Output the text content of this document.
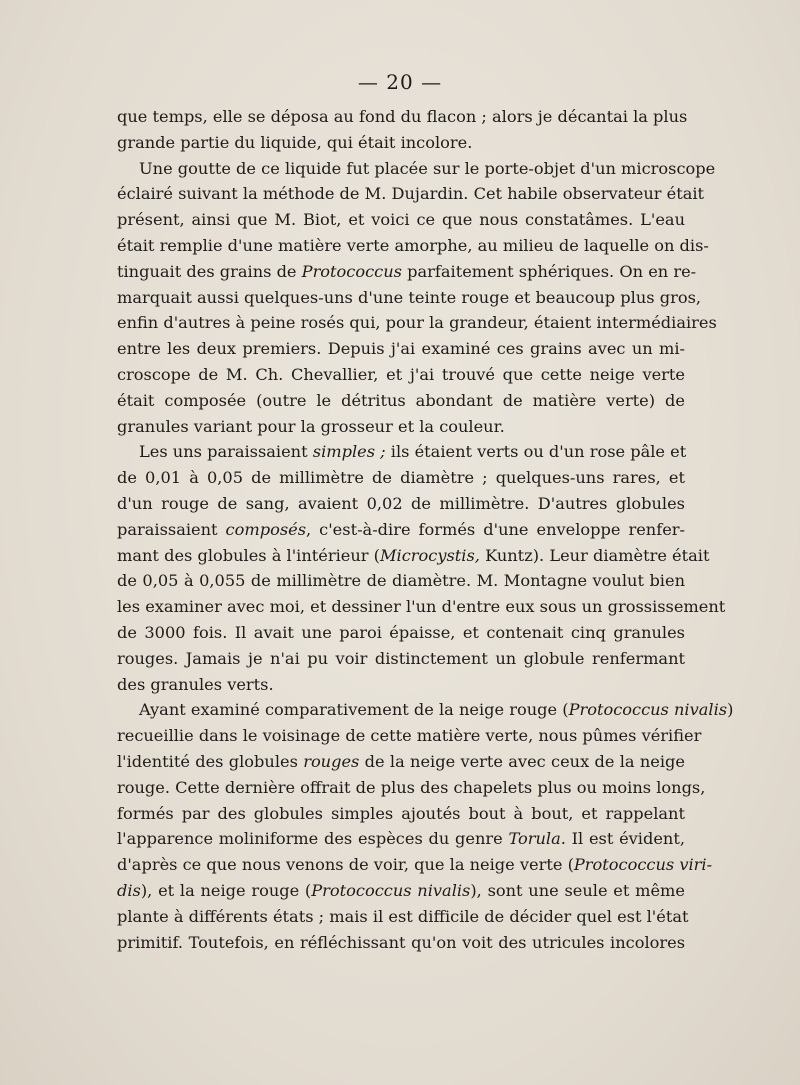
— 20 —
que temps, elle se déposa au fond du flacon ; alors je décantai la plus
grande partie du liquide, qui était incolore.
Une goutte de ce liquide fut placée sur le porte-objet d'un microscope
éclairé suivant la méthode de M. Dujardin. Cet habile observateur était
présent, ainsi que M. Biot, et voici ce que nous constatâmes. L'eau
était remplie d'une matière verte amorphe, au milieu de laquelle on dis-
tinguait des grains de Protococcus parfaitement sphériques. On en re-
marquait aussi quelques-uns d'une teinte rouge et beaucoup plus gros,
enfin d'autres à peine rosés qui, pour la grandeur, étaient intermédiaires
entre les deux premiers. Depuis j'ai examiné ces grains avec un mi-
croscope de M. Ch. Chevallier, et j'ai trouvé que cette neige verte
était composée (outre le détritus abondant de matière verte) de
granules variant pour la grosseur et la couleur.
Les uns paraissaient simples ; ils étaient verts ou d'un rose pâle et
de 0,01 à 0,05 de millimètre de diamètre ; quelques-uns rares, et
d'un rouge de sang, avaient 0,02 de millimètre. D'autres globules
paraissaient composés, c'est-à-dire formés d'une enveloppe renfer-
mant des globules à l'intérieur (Microcystis, Kuntz). Leur diamètre était
de 0,05 à 0,055 de millimètre de diamètre. M. Montagne voulut bien
les examiner avec moi, et dessiner l'un d'entre eux sous un grossissement
de 3000 fois. Il avait une paroi épaisse, et contenait cinq granules
rouges. Jamais je n'ai pu voir distinctement un globule renfermant
des granules verts.
Ayant examiné comparativement de la neige rouge (Protococcus nivalis)
recueillie dans le voisinage de cette matière verte, nous pûmes vérifier
l'identité des globules rouges de la neige verte avec ceux de la neige
rouge. Cette dernière offrait de plus des chapelets plus ou moins longs,
formés par des globules simples ajoutés bout à bout, et rappelant
l'apparence moliniforme des espèces du genre Torula. Il est évident,
d'après ce que nous venons de voir, que la neige verte (Protococcus viri-
dis), et la neige rouge (Protococcus nivalis), sont une seule et même
plante à différents états ; mais il est difficile de décider quel est l'état
primitif. Toutefois, en réfléchissant qu'on voit des utricules incolores
